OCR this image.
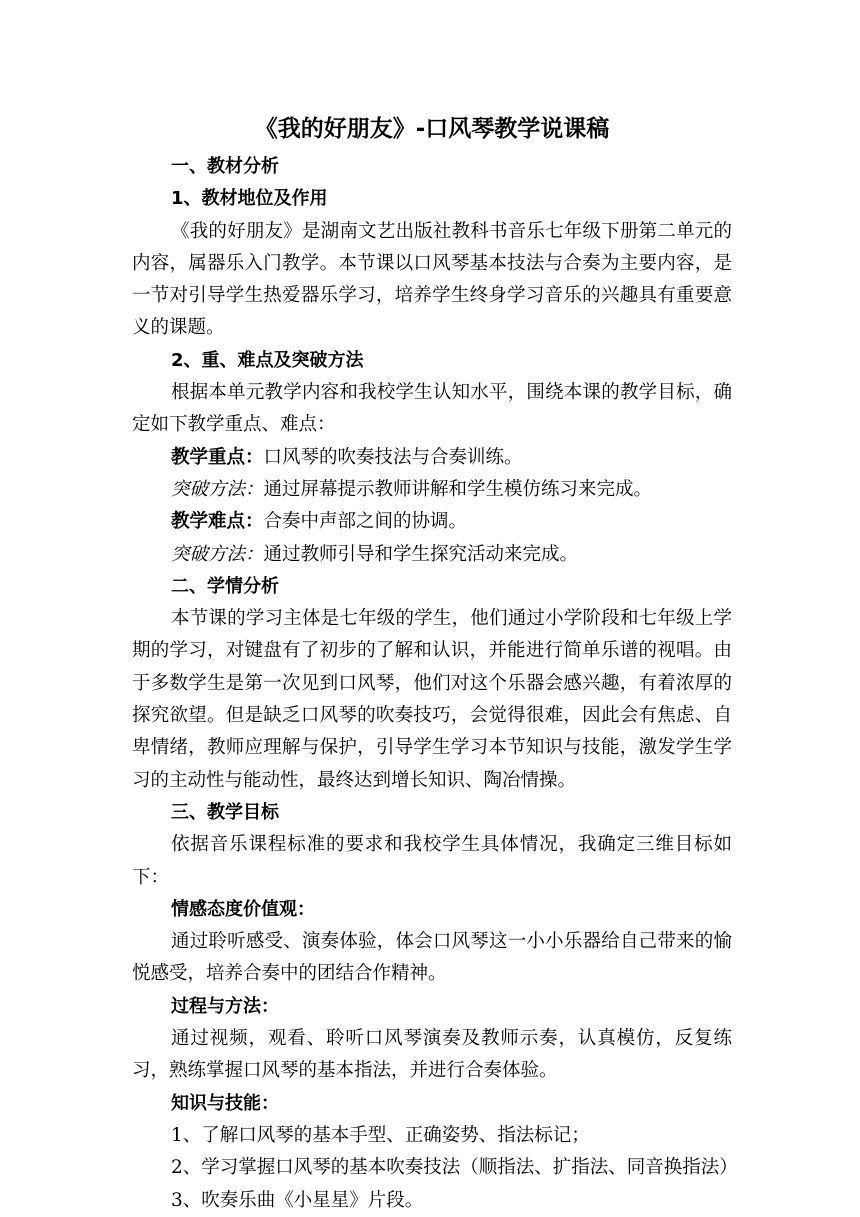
《我的好朋友》-口风琴教学说课稿

一、教材分析

1、教材地位及作用

《我的好朋友》是湖南文艺出版社教科书音乐七年级下册第二单元的内容，属器乐入门教学。本节课以口风琴基本技法与合奏为主要内容，是一节对引导学生热爱器乐学习，培养学生终身学习音乐的兴趣具有重要意义的课题。

2、重、难点及突破方法

根据本单元教学内容和我校学生认知水平，围绕本课的教学目标，确定如下教学重点、难点：

教学重点：口风琴的吹奏技法与合奏训练。

突破方法：通过屏幕提示教师讲解和学生模仿练习来完成。

教学难点：合奏中声部之间的协调。

突破方法：通过教师引导和学生探究活动来完成。

二、学情分析

本节课的学习主体是七年级的学生，他们通过小学阶段和七年级上学期的学习，对键盘有了初步的了解和认识，并能进行简单乐谱的视唱。由于多数学生是第一次见到口风琴，他们对这个乐器会感兴趣，有着浓厚的探究欲望。但是缺乏口风琴的吹奏技巧，会觉得很难，因此会有焦虑、自卑情绪，教师应理解与保护，引导学生学习本节知识与技能，激发学生学习的主动性与能动性，最终达到增长知识、陶冶情操。

三、教学目标

依据音乐课程标准的要求和我校学生具体情况，我确定三维目标如下：

情感态度价值观：

通过聆听感受、演奏体验，体会口风琴这一小小乐器给自己带来的愉悦感受，培养合奏中的团结合作精神。

过程与方法：

通过视频，观看、聆听口风琴演奏及教师示奏，认真模仿，反复练习，熟练掌握口风琴的基本指法，并进行合奏体验。

知识与技能：

1、了解口风琴的基本手型、正确姿势、指法标记；

2、学习掌握口风琴的基本吹奏技法（顺指法、扩指法、同音换指法）

3、吹奏乐曲《小星星》片段。
